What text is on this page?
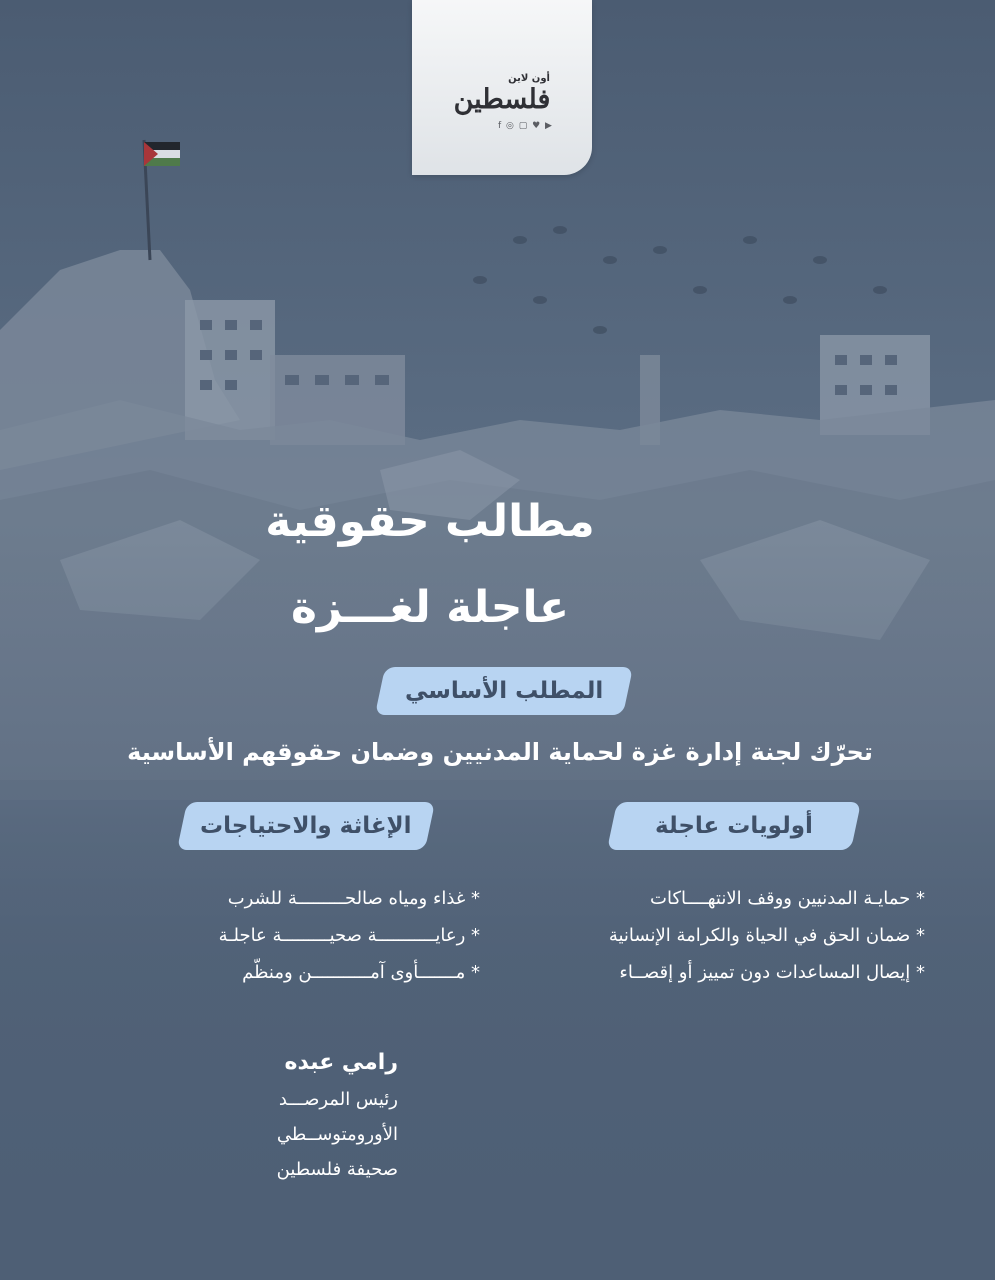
أون لاين
فلسطين
f ◎ ▢ ♥ ▶
مطالب حقوقية
عاجلة لغـــزة
المطلب الأساسي
تحرّك لجنة إدارة غزة لحماية المدنيين وضمان حقوقهم الأساسية
أولويات عاجلة
* حمايـة المدنيين ووقف الانتهــــاكات
* ضمان الحق في الحياة والكرامة الإنسانية
* إيصال المساعدات دون تمييز أو إقصــاء
الإغاثة والاحتياجات
* غذاء ومياه صالحـــــــــة للشرب
* رعايـــــــــــة صحيـــــــــة عاجلـة
* مـــــــأوى آمـــــــــــن ومنظّم
رامي عبده
رئيس المرصـــد
الأورومتوســطي
صحيفة فلسطين
